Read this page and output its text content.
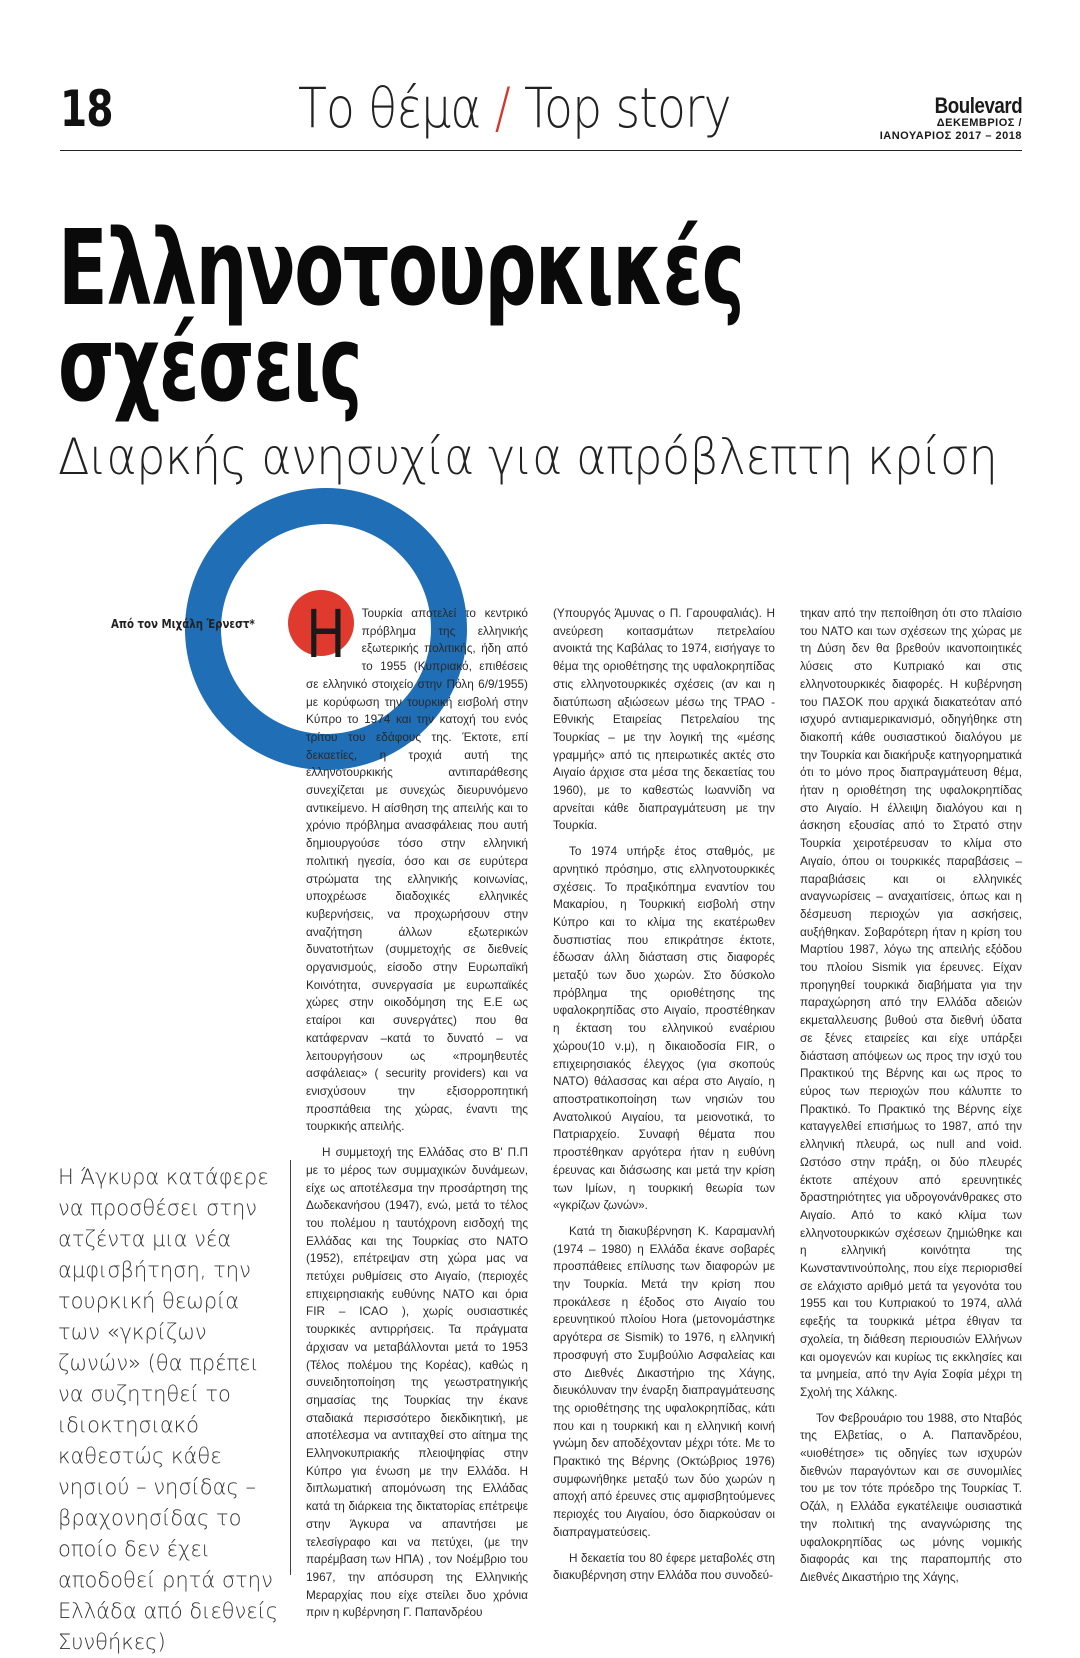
18	Το θέμα / Top story	Boulevard
ΔΕΚΕΜΒΡΙΟΣ /
ΙΑΝΟΥΑΡΙΟΣ 2017 – 2018
Ελληνοτουρκικές
σχέσεις
Διαρκής ανησυχία για απρόβλεπτη κρίση
Από τον Μιχάλη Έρνεστ*
Η Άγκυρα κατάφερε να προσθέσει στην ατζέντα μια νέα αμφισβήτηση, την τουρκική θεωρία των «γκρίζων ζωνών» (θα πρέπει να συζητηθεί το ιδιοκτησιακό καθεστώς κάθε νησιού – νησίδας – βραχονησίδας το οποίο δεν έχει αποδοθεί ρητά στην Ελλάδα από διεθνείς Συνθήκες)

Η Τουρκία αποτελεί το κεντρικό πρόβλημα της ελληνικής εξωτερικής πολιτικής, ήδη από το 1955 (Κυπριακό, επιθέσεις σε ελληνικό στοιχείο στην Πόλη 6/9/1955) με κορύφωση την τουρκική εισβολή στην Κύπρο το 1974 και την κατοχή του ενός τρίτου του εδάφους της. Έκτοτε, επί δεκαετίες, η τροχιά αυτή της ελληνοτουρκικής αντιπαράθεσης συνεχίζεται με συνεχώς διευρυνόμενο αντικείμενο. Η αίσθηση της απειλής και το χρόνιο πρόβλημα ανασφάλειας που αυτή δημιουργούσε τόσο στην ελληνική πολιτική ηγεσία, όσο και σε ευρύτερα στρώματα της ελληνικής κοινωνίας, υποχρέωσε διαδοχικές ελληνικές κυβερνήσεις, να προχωρήσουν στην αναζήτηση άλλων εξωτερικών δυνατοτήτων (συμμετοχής σε διεθνείς οργανισμούς, είσοδο στην Ευρωπαϊκή Κοινότητα, συνεργασία με ευρωπαϊκές χώρες στην οικοδόμηση της Ε.Ε ως εταίροι και συνεργάτες) που θα κατάφερναν –κατά το δυνατό – να λειτουργήσουν ως «προμηθευτές ασφάλειας» ( security providers) και να ενισχύσουν την εξισορροπητική προσπάθεια της χώρας, έναντι της τουρκικής απειλής.

Η συμμετοχή της Ελλάδας στο Β' Π.Π με το μέρος των συμμαχικών δυνάμεων, είχε ως αποτέλεσμα την προσάρτηση της Δωδεκανήσου (1947), ενώ, μετά το τέλος του πολέμου η ταυτόχρονη εισδοχή της Ελλάδας και της Τουρκίας στο ΝΑΤΟ (1952), επέτρεψαν στη χώρα μας να πετύχει ρυθμίσεις στο Αιγαίο, (περιοχές επιχειρησιακής ευθύνης ΝΑΤΟ και όρια FIR – ICAO ), χωρίς ουσιαστικές τουρκικές αντιρρήσεις. Τα πράγματα άρχισαν να μεταβάλλονται μετά το 1953 (Τέλος πολέμου της Κορέας), καθώς η συνειδητοποίηση της γεωστρατηγικής σημασίας της Τουρκίας την έκανε σταδιακά περισσότερο διεκδικητική, με αποτέλεσμα να αντιταχθεί στο αίτημα της Ελληνοκυπριακής πλειοψηφίας στην Κύπρο για ένωση με την Ελλάδα. Η διπλωματική απομόνωση της Ελλάδας κατά τη διάρκεια της δικτατορίας επέτρεψε στην Άγκυρα να απαντήσει με τελεσίγραφο και να πετύχει, (με την παρέμβαση των ΗΠΑ) , τον Νοέμβριο του 1967, την απόσυρση της Ελληνικής Μεραρχίας που είχε στείλει δυο χρόνια πριν η κυβέρνηση Γ. Παπανδρέου

(Υπουργός Άμυνας ο Π. Γαρουφαλιάς). Η ανεύρεση κοιτασμάτων πετρελαίου ανοικτά της Καβάλας το 1974, εισήγαγε το θέμα της οριοθέτησης της υφαλοκρηπίδας στις ελληνοτουρκικές σχέσεις (αν και η διατύπωση αξιώσεων μέσω της ΤΡΑΟ - Εθνικής Εταιρείας Πετρελαίου της Τουρκίας – με την λογική της «μέσης γραμμής» από τις ηπειρωτικές ακτές στο Αιγαίο άρχισε στα μέσα της δεκαετίας του 1960), με το καθεστώς Ιωαννίδη να αρνείται κάθε διαπραγμάτευση με την Τουρκία.

Το 1974 υπήρξε έτος σταθμός, με αρνητικό πρόσημο, στις ελληνοτουρκικές σχέσεις. Το πραξικόπημα εναντίον του Μακαρίου, η Τουρκική εισβολή στην Κύπρο και το κλίμα της εκατέρωθεν δυσπιστίας που επικράτησε έκτοτε, έδωσαν άλλη διάσταση στις διαφορές μεταξύ των δυο χωρών. Στο δύσκολο πρόβλημα της οριοθέτησης της υφαλοκρηπίδας στο Αιγαίο, προστέθηκαν η έκταση του ελληνικού εναέριου χώρου(10 ν.μ), η δικαιοδοσία FIR, ο επιχειρησιακός έλεγχος (για σκοπούς ΝΑΤΟ) θάλασσας και αέρα στο Αιγαίο, η αποστρατικοποίηση των νησιών του Ανατολικού Αιγαίου, τα μειονοτικά, το Πατριαρχείο. Συναφή θέματα που προστέθηκαν αργότερα ήταν η ευθύνη έρευνας και διάσωσης και μετά την κρίση των Ιμίων, η τουρκική θεωρία των «γκρίζων ζωνών».

Κατά τη διακυβέρνηση Κ. Καραμανλή (1974 – 1980) η Ελλάδα έκανε σοβαρές προσπάθειες επίλυσης των διαφορών με την Τουρκία. Μετά την κρίση που προκάλεσε η έξοδος στο Αιγαίο του ερευνητικού πλοίου Hora (μετονομάστηκε αργότερα σε Sismik) το 1976, η ελληνική προσφυγή στο Συμβούλιο Ασφαλείας και στο Διεθνές Δικαστήριο της Χάγης, διευκόλυναν την έναρξη διαπραγμάτευσης της οριοθέτησης της υφαλοκρηπίδας, κάτι που και η τουρκική και η ελληνική κοινή γνώμη δεν αποδέχονταν μέχρι τότε. Με το Πρακτικό της Βέρνης (Οκτώβριος 1976) συμφωνήθηκε μεταξύ των δύο χωρών η αποχή από έρευνες στις αμφισβητούμενες περιοχές του Αιγαίου, όσο διαρκούσαν οι διαπραγματεύσεις.

Η δεκαετία του 80 έφερε μεταβολές στη διακυβέρνηση στην Ελλάδα που συνοδεύ-

τηκαν από την πεποίθηση ότι στο πλαίσιο του ΝΑΤΟ και των σχέσεων της χώρας με τη Δύση δεν θα βρεθούν ικανοποιητικές λύσεις στο Κυπριακό και στις ελληνοτουρκικές διαφορές. Η κυβέρνηση του ΠΑΣΟΚ που αρχικά διακατεόταν από ισχυρό αντιαμερικανισμό, οδηγήθηκε στη διακοπή κάθε ουσιαστικού διαλόγου με την Τουρκία και διακήρυξε κατηγορηματικά ότι το μόνο προς διαπραγμάτευση θέμα, ήταν η οριοθέτηση της υφαλοκρηπίδας στο Αιγαίο. Η έλλειψη διαλόγου και η άσκηση εξουσίας από το Στρατό στην Τουρκία χειροτέρευσαν το κλίμα στο Αιγαίο, όπου οι τουρκικές παραβάσεις – παραβιάσεις και οι ελληνικές αναγνωρίσεις – αναχαιτίσεις, όπως και η δέσμευση περιοχών για ασκήσεις, αυξήθηκαν. Σοβαρότερη ήταν η κρίση του Μαρτίου 1987, λόγω της απειλής εξόδου του πλοίου Sismik για έρευνες. Είχαν προηγηθεί τουρκικά διαβήματα για την παραχώρηση από την Ελλάδα αδειών εκμεταλλευσης βυθού στα διεθνή ύδατα σε ξένες εταιρείες και είχε υπάρξει διάσταση απόψεων ως προς την ισχύ του Πρακτικού της Βέρνης και ως προς το εύρος των περιοχών που κάλυπτε το Πρακτικό. Το Πρακτικό της Βέρνης είχε καταγγελθεί επισήμως το 1987, από την ελληνική πλευρά, ως null and void. Ωστόσο στην πράξη, οι δύο πλευρές έκτοτε απέχουν από ερευνητικές δραστηριότητες για υδρογονάνθρακες στο Αιγαίο. Από το κακό κλίμα των ελληνοτουρκικών σχέσεων ζημιώθηκε και η ελληνική κοινότητα της Κωνσταντινούπολης, που είχε περιορισθεί σε ελάχιστο αριθμό μετά τα γεγονότα του 1955 και του Κυπριακού το 1974, αλλά εφεξής τα τουρκικά μέτρα έθιγαν τα σχολεία, τη διάθεση περιουσιών Ελλήνων και ομογενών και κυρίως τις εκκλησίες και τα μνημεία, από την Αγία Σοφία μέχρι τη Σχολή της Χάλκης.

Τον Φεβρουάριο του 1988, στο Νταβός της Ελβετίας, ο Α. Παπανδρέου, «υιοθέτησε» τις οδηγίες των ισχυρών διεθνών παραγόντων και σε συνομιλίες του με τον τότε πρόεδρο της Τουρκίας Τ. Οζάλ, η Ελλάδα εγκατέλειψε ουσιαστικά την πολιτική της αναγνώρισης της υφαλοκρηπίδας ως μόνης νομικής διαφοράς και της παραπομπής στο Διεθνές Δικαστήριο της Χάγης,
